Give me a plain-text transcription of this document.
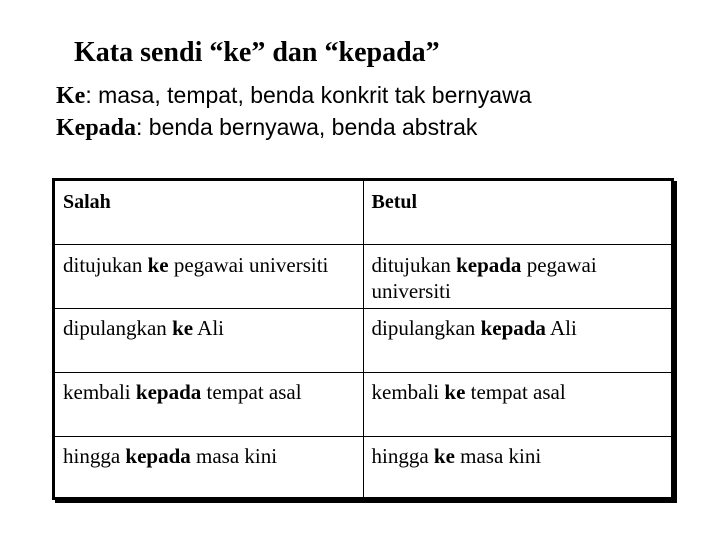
Kata sendi “ke” dan “kepada”
Ke: masa, tempat, benda konkrit tak bernyawa
Kepada: benda bernyawa, benda abstrak
Salah	Betul
ditujukan ke pegawai universiti	ditujukan kepada pegawai universiti
dipulangkan ke Ali	dipulangkan kepada Ali
kembali kepada tempat asal	kembali ke tempat asal
hingga kepada masa kini	hingga ke masa kini
